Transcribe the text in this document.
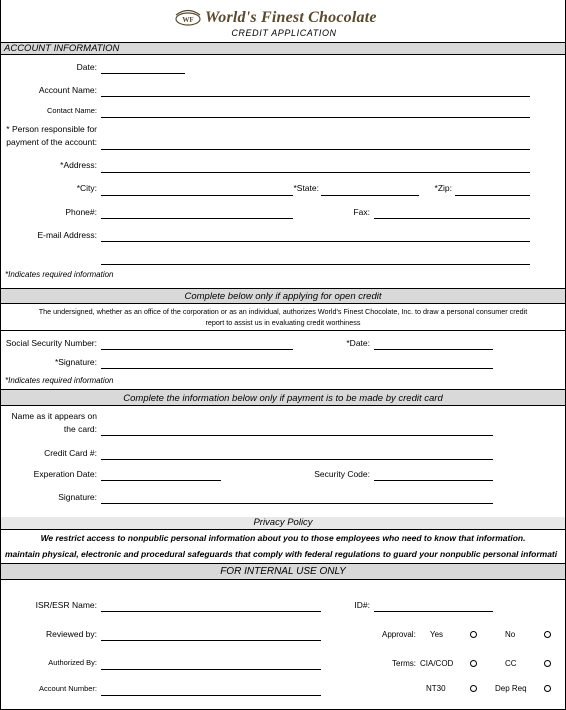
WF World's Finest Chocolate
CREDIT APPLICATION
ACCOUNT INFORMATION
Date:
Account Name:
Contact Name:
* Person responsible for
payment of the account:
*Address:
*City:	*State:	*Zip:
Phone#:	Fax:
E-mail Address:
*Indicates required information
Complete below only if applying for open credit
The undersigned, whether as an office of the corporation or as an individual, authorizes World's Finest Chocolate, Inc. to draw a personal consumer credit
report to assist us in evaluating credit worthiness
Social Security Number:	*Date:
*Signature:
*Indicates required information
Complete the information below only if payment is to be made by credit card
Name as it appears on
the card:
Credit Card #:
Experation Date:	Security Code:
Signature:
Privacy Policy
We restrict access to nonpublic personal information about you to those employees who need to know that information.
maintain physical, electronic and procedural safeguards that comply with federal regulations to guard your nonpublic personal informati
FOR INTERNAL USE ONLY
ISR/ESR Name:	ID#:
Reviewed by:
Authorized By:
Account Number:
Approval: Yes	No
Terms: CIA/COD	CC
NT30	Dep Req
